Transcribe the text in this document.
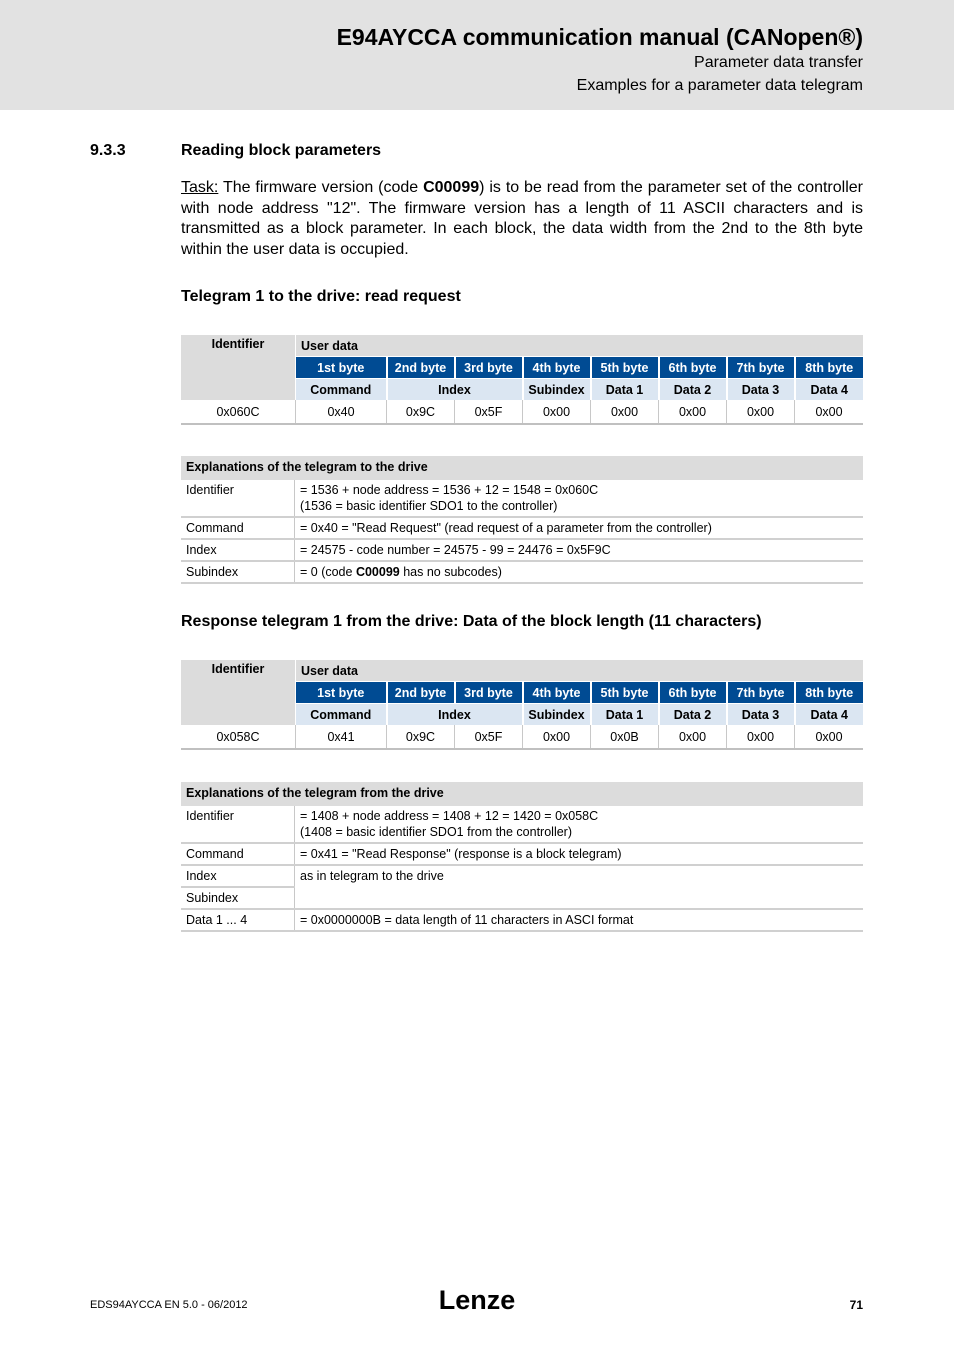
E94AYCCA communication manual (CANopen®)
Parameter data transfer
Examples for a parameter data telegram
9.3.3	Reading block parameters
Task: The firmware version (code C00099) is to be read from the parameter set of the controller with node address "12". The firmware version has a length of 11 ASCII characters and is transmitted as a block parameter. In each block, the data width from the 2nd to the 8th byte within the user data is occupied.
Telegram 1 to the drive: read request
Identifier	User data							
	1st byte	2nd byte	3rd byte	4th byte	5th byte	6th byte	7th byte	8th byte
	Command	Index		Subindex	Data 1	Data 2	Data 3	Data 4
0x060C	0x40	0x9C	0x5F	0x00	0x00	0x00	0x00	0x00
Explanations of the telegram to the drive	
Identifier	= 1536 + node address = 1536 + 12 = 1548 = 0x060C
(1536 = basic identifier SDO1 to the controller)

Command	= 0x40 = "Read Request" (read request of a parameter from the controller)
Index	= 24575 - code number = 24575 - 99 = 24476 = 0x5F9C
Subindex	= 0 (code C00099 has no subcodes)
Response telegram 1 from the drive: Data of the block length (11 characters)
Identifier	User data							
	1st byte	2nd byte	3rd byte	4th byte	5th byte	6th byte	7th byte	8th byte
	Command	Index		Subindex	Data 1	Data 2	Data 3	Data 4
0x058C	0x41	0x9C	0x5F	0x00	0x0B	0x00	0x00	0x00
Explanations of the telegram from the drive	
Identifier	= 1408 + node address = 1408 + 12 = 1420 = 0x058C
(1408 = basic identifier SDO1 from the controller)

Command	= 0x41 = "Read Response" (response is a block telegram)
Index	as in telegram to the drive
Subindex	
Data 1 ... 4	= 0x0000000B = data length of 11 characters in ASCI format
EDS94AYCCA EN 5.0 - 06/2012	Lenze	71
